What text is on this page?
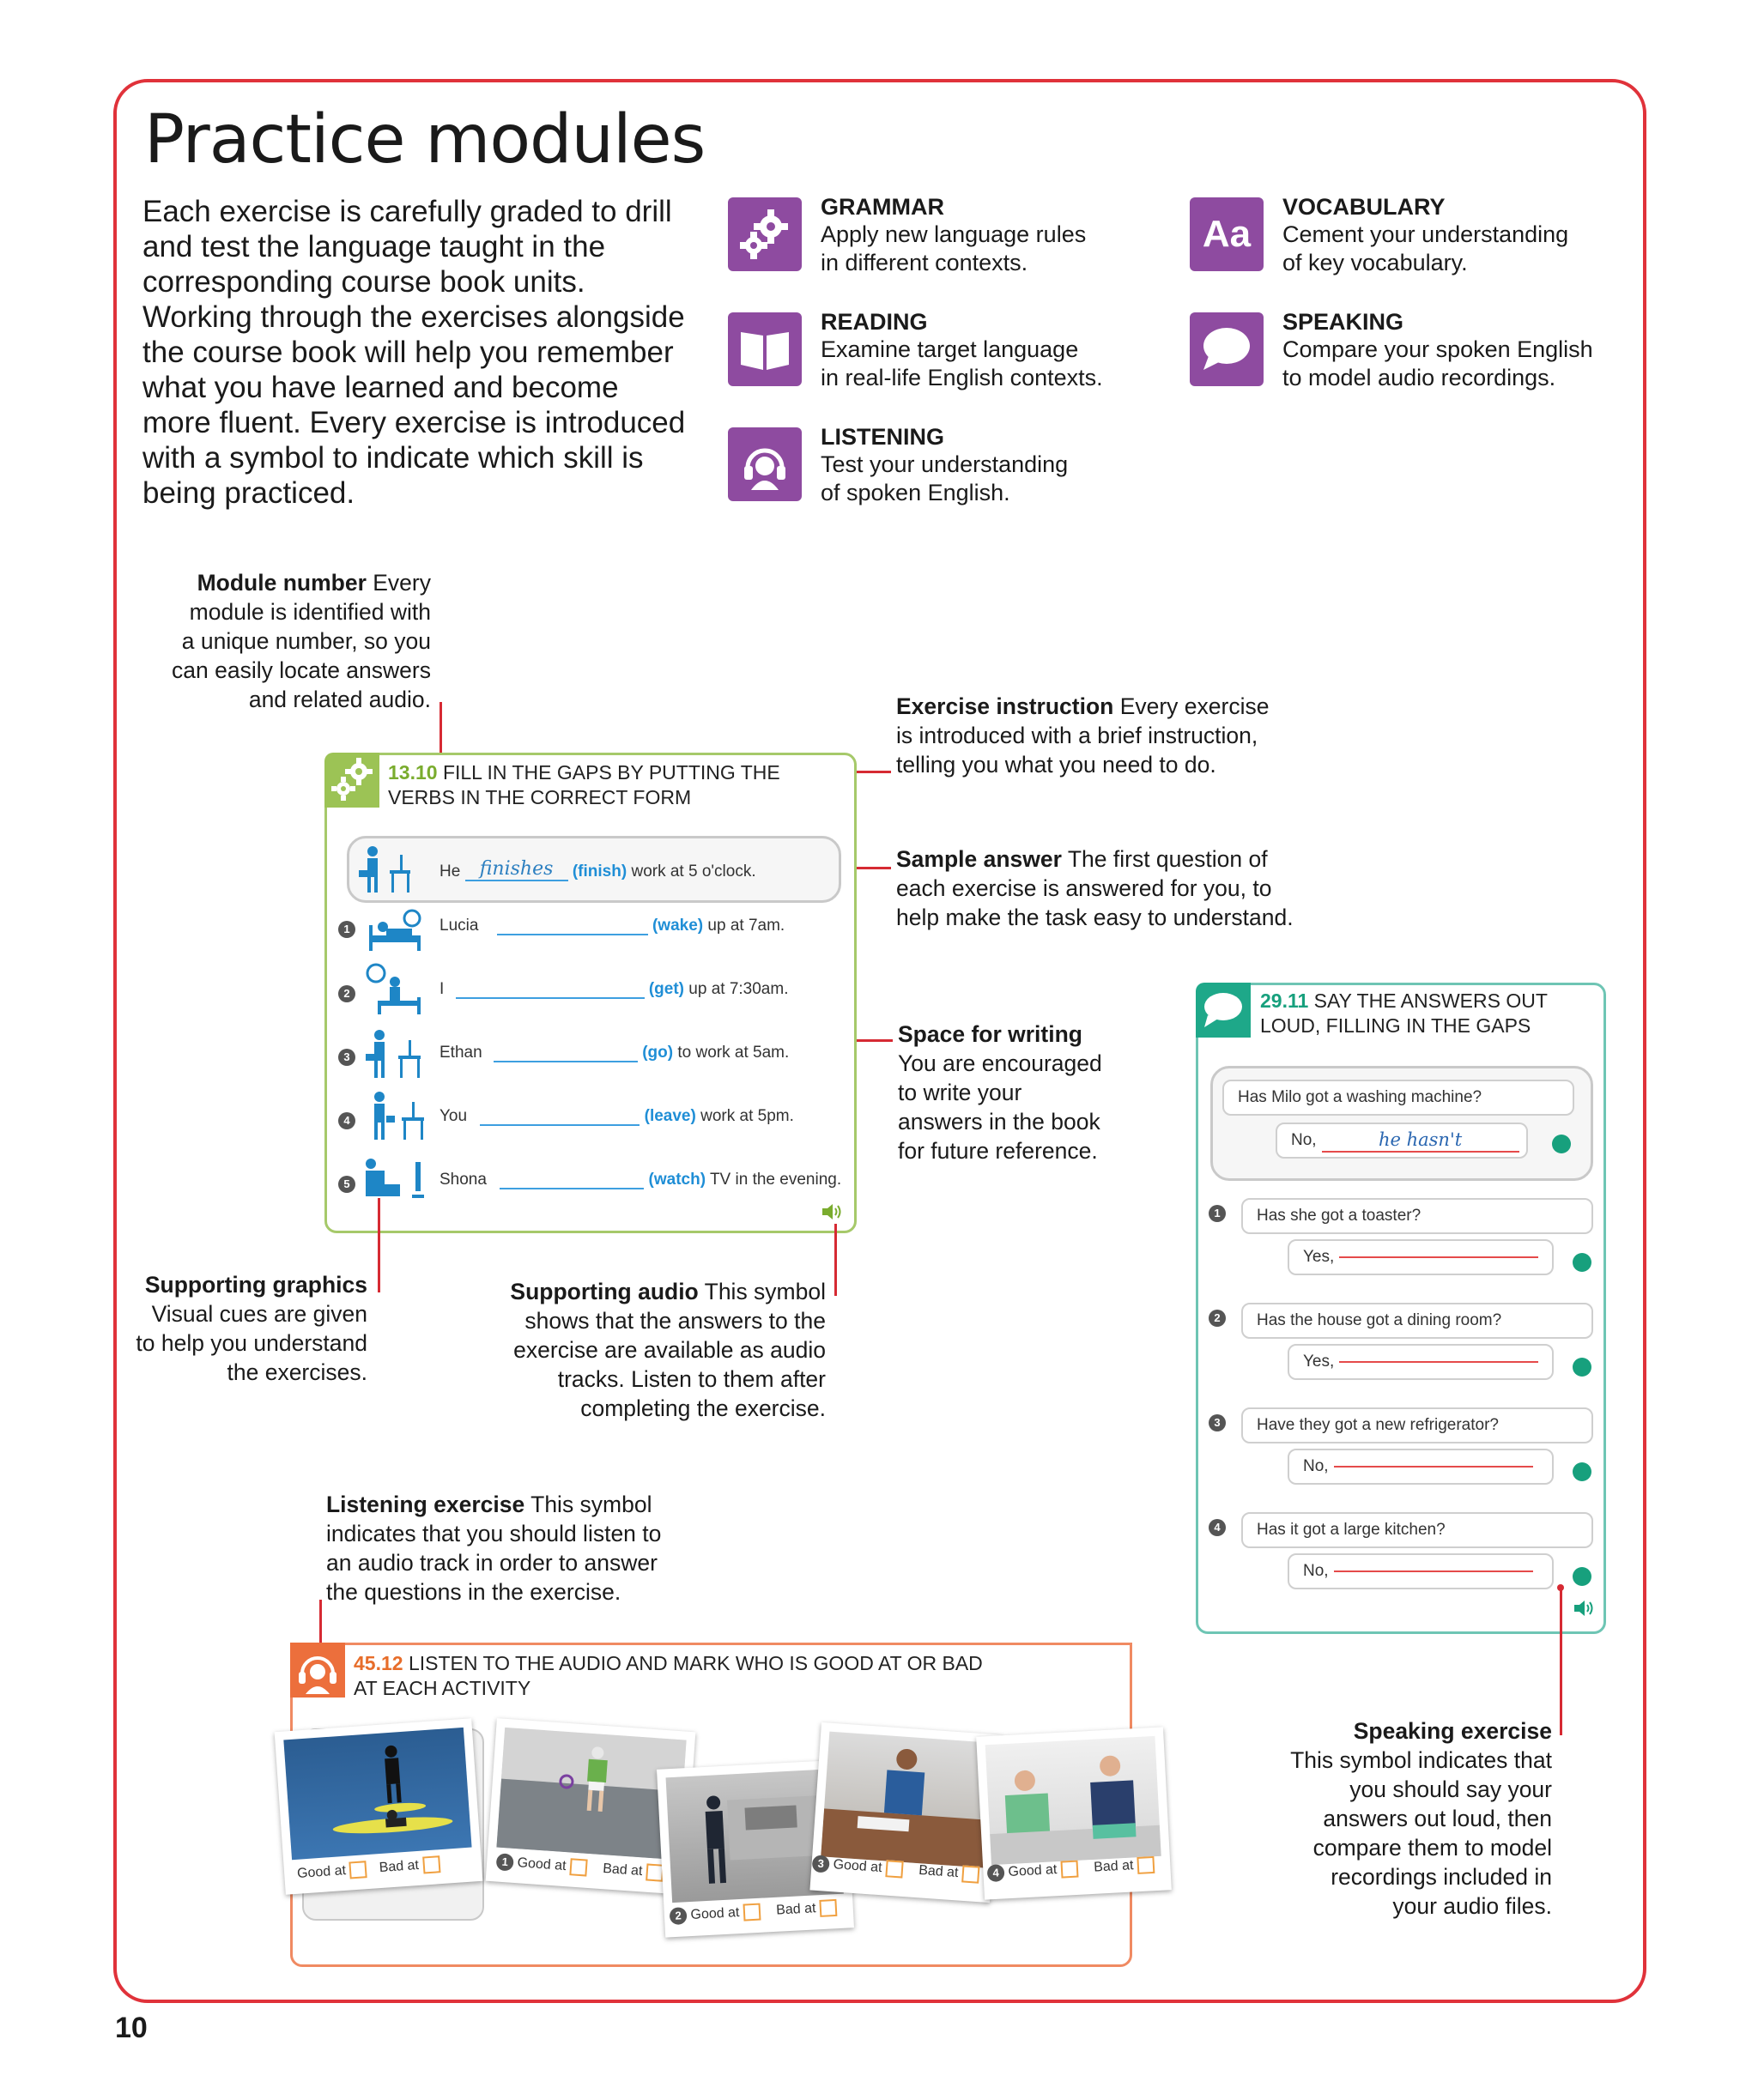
Practice modules
Each exercise is carefully graded to drill and test the language taught in the corresponding course book units. Working through the exercises alongside the course book will help you remember what you have learned and become more fluent. Every exercise is introduced with a symbol to indicate which skill is being practiced.
GRAMMAR
Apply new language rules
in different contexts.
Aa
VOCABULARY
Cement your understanding
of key vocabulary.
READING
Examine target language
in real-life English contexts.
SPEAKING
Compare your spoken English
to model audio recordings.
LISTENING
Test your understanding
of spoken English.
Module number Every
module is identified with
a unique number, so you
can easily locate answers
and related audio.	Exercise instruction Every exercise
is introduced with a brief instruction,
telling you what you need to do.
Sample answer The first question of
each exercise is answered for you, to
help make the task easy to understand.
Space for writing
You are encouraged
to write your
answers in the book
for future reference.
13.10 FILL IN THE GAPS BY PUTTING THE
VERBS IN THE CORRECT FORM
He finishes (finish) work at 5 o'clock.
1	Lucia	(wake) up at 7am.
2	I	(get) up at 7:30am.
3	Ethan	(go) to work at 5am.
4	You	(leave) work at 5pm.
5	Shona	(watch) TV in the evening.
Supporting graphics
Visual cues are given
to help you understand
the exercises.
Supporting audio This symbol
shows that the answers to the
exercise are available as audio
tracks. Listen to them after
completing the exercise.
29.11 SAY THE ANSWERS OUT
LOUD, FILLING IN THE GAPS
Has Milo got a washing machine?
No,	he hasn't
1	Has she got a toaster?
Yes,
2	Has the house got a dining room?
Yes,
3	Have they got a new refrigerator?
No,
4	Has it got a large kitchen?
No,
Speaking exercise
This symbol indicates that
you should say your
answers out loud, then
compare them to model
recordings included in
your audio files.
Listening exercise This symbol
indicates that you should listen to
an audio track in order to answer
the questions in the exercise.
45.12 LISTEN TO THE AUDIO AND MARK WHO IS GOOD AT OR BAD
AT EACH ACTIVITY
Good at Bad at	1 Good at	Bad at
2 Good at	Bad at
3 Good at	Bad at	4 Good at	Bad at
10
